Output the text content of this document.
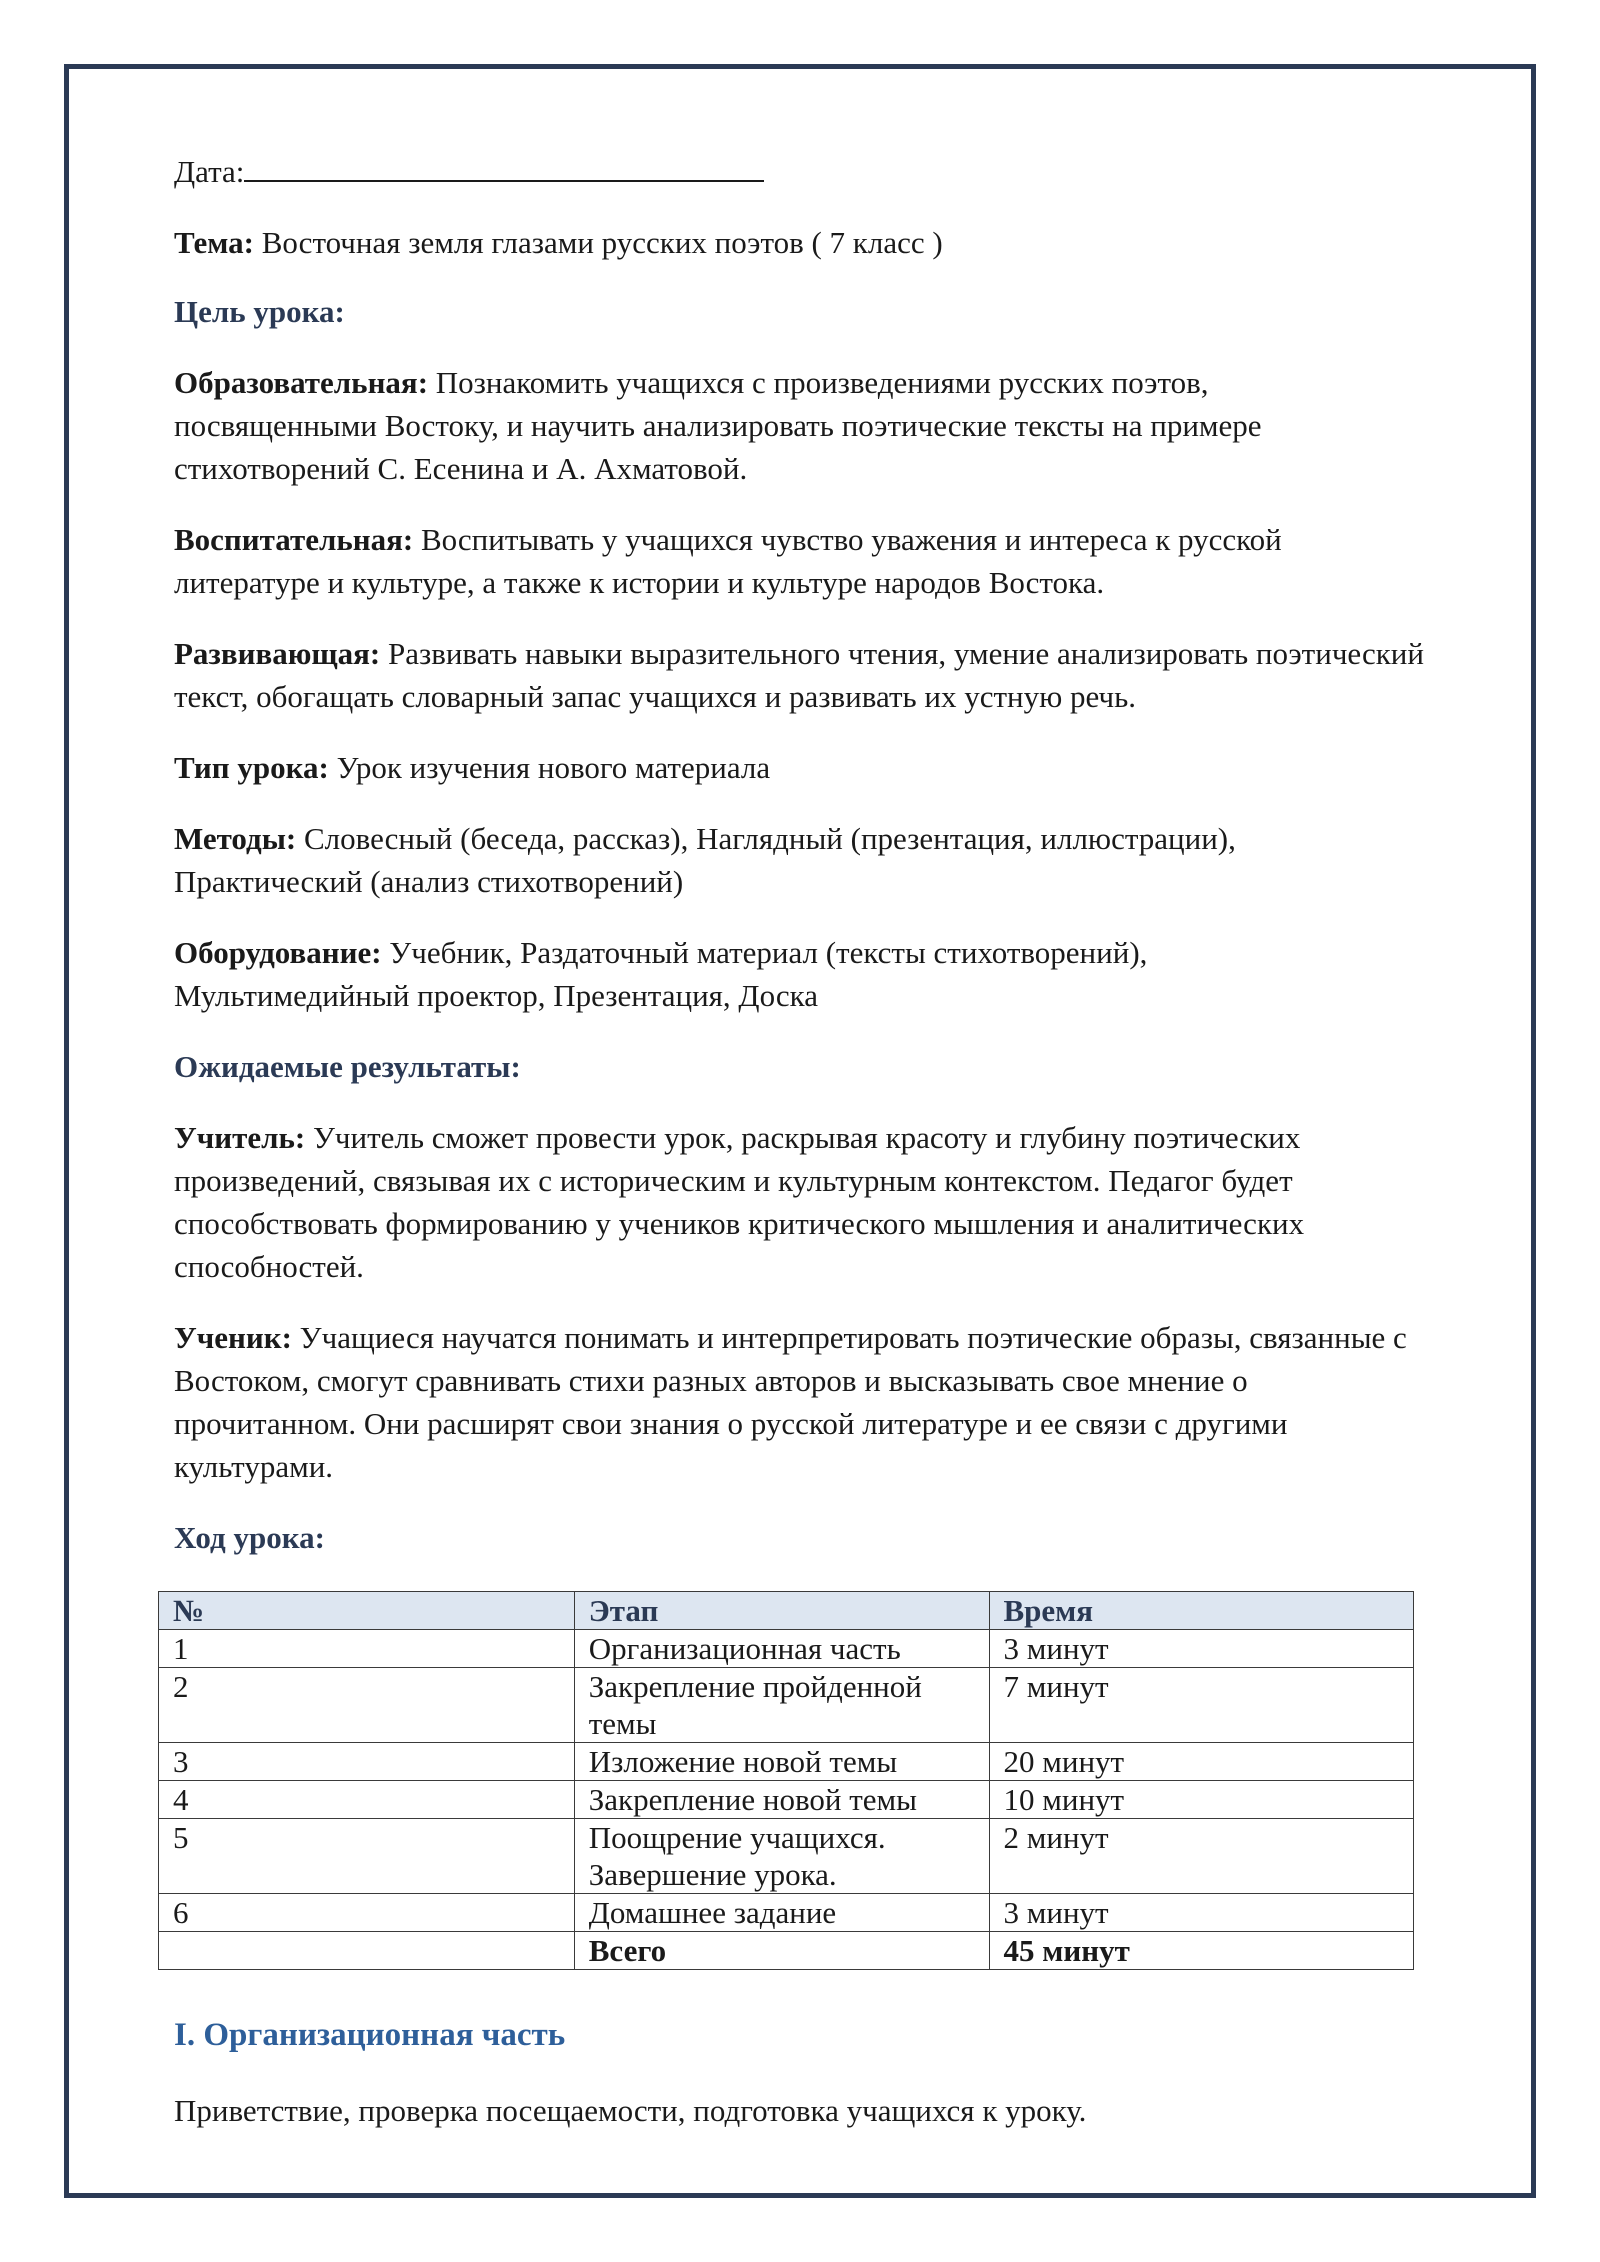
Дата:

Тема: Восточная земля глазами русских поэтов ( 7 класс )

Цель урока:

Образовательная: Познакомить учащихся с произведениями русских поэтов, посвященными Востоку, и научить анализировать поэтические тексты на примере стихотворений С. Есенина и А. Ахматовой.

Воспитательная: Воспитывать у учащихся чувство уважения и интереса к русской литературе и культуре, а также к истории и культуре народов Востока.

Развивающая: Развивать навыки выразительного чтения, умение анализировать поэтический текст, обогащать словарный запас учащихся и развивать их устную речь.

Тип урока: Урок изучения нового материала

Методы: Словесный (беседа, рассказ), Наглядный (презентация, иллюстрации), Практический (анализ стихотворений)

Оборудование: Учебник, Раздаточный материал (тексты стихотворений), Мультимедийный проектор, Презентация, Доска

Ожидаемые результаты:

Учитель: Учитель сможет провести урок, раскрывая красоту и глубину поэтических произведений, связывая их с историческим и культурным контекстом. Педагог будет способствовать формированию у учеников критического мышления и аналитических способностей.

Ученик: Учащиеся научатся понимать и интерпретировать поэтические образы, связанные с Востоком, смогут сравнивать стихи разных авторов и высказывать свое мнение о прочитанном. Они расширят свои знания о русской литературе и ее связи с другими культурами.

Ход урока:
№	Этап	Время
1	Организационная часть	3 минут
2	Закрепление пройденной темы	7 минут
3	Изложение новой темы	20 минут
4	Закрепление новой темы	10 минут
5	Поощрение учащихся. Завершение урока.	2 минут
6	Домашнее задание	3 минут
	Всего	45 минут
I. Организационная часть

Приветствие, проверка посещаемости, подготовка учащихся к уроку.
